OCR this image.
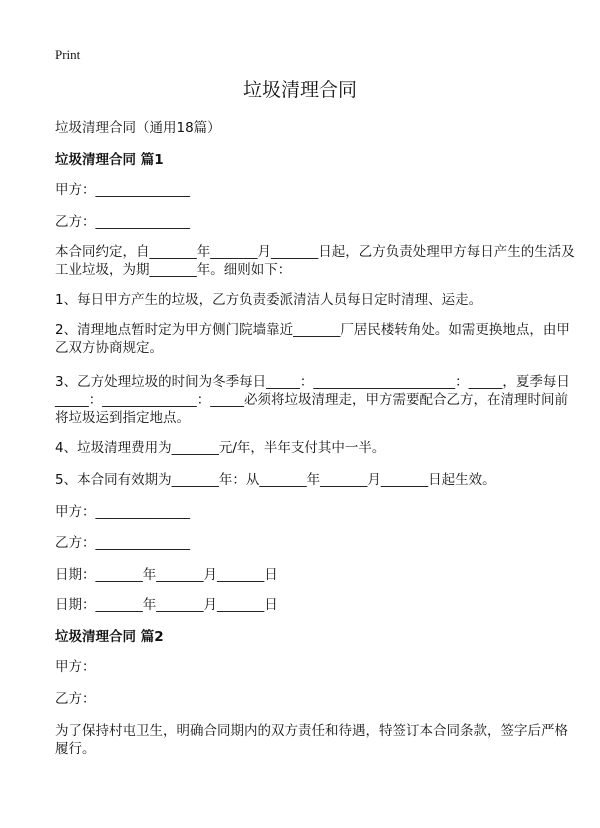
Print
垃圾清理合同
垃圾清理合同（通用18篇）
垃圾清理合同 篇1
甲方：______________
乙方：______________
本合同约定，自_______年_______月_______日起，乙方负责处理甲方每日产生的生活及工业垃圾，为期_______年。细则如下：
1、每日甲方产生的垃圾，乙方负责委派清洁人员每日定时清理、运走。
2、清理地点暂时定为甲方侧门院墙靠近_______厂居民楼转角处。如需更换地点，由甲乙双方协商规定。
3、乙方处理垃圾的时间为冬季每日_____：_____________________：_____，夏季每日_____：______________：_____必须将垃圾清理走，甲方需要配合乙方，在清理时间前将垃圾运到指定地点。
4、垃圾清理费用为_______元/年，半年支付其中一半。
5、本合同有效期为_______年：从_______年_______月_______日起生效。
甲方：______________
乙方：______________
日期：_______年_______月_______日
日期：_______年_______月_______日
垃圾清理合同 篇2
甲方：
乙方：
为了保持村屯卫生，明确合同期内的双方责任和待遇，特签订本合同条款，签字后严格履行。
